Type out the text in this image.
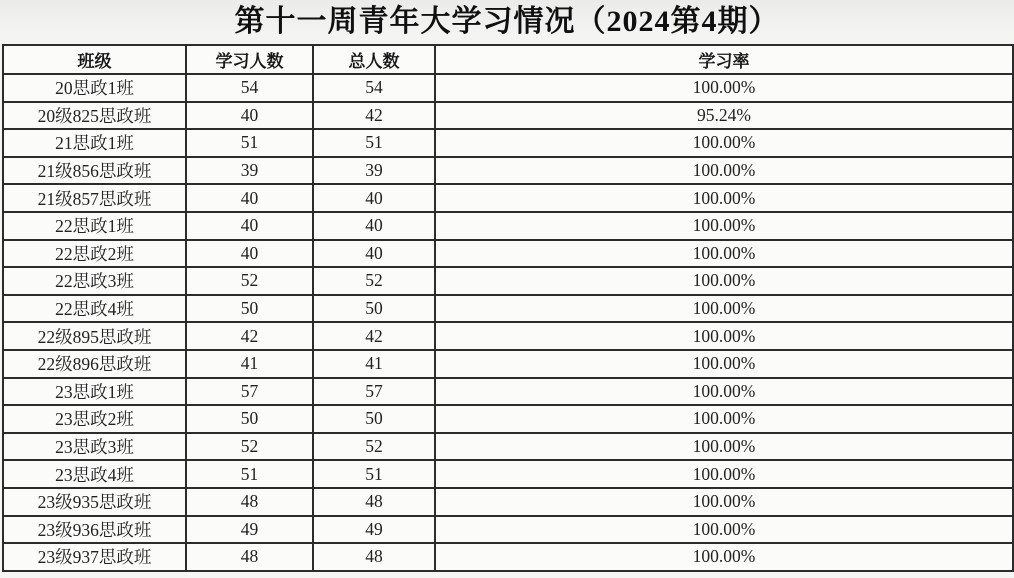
第十一周青年大学习情况（2024第4期）
班级	学习人数	总人数	学习率
20思政1班	54	54	100.00%
20级825思政班	40	42	95.24%
21思政1班	51	51	100.00%
21级856思政班	39	39	100.00%
21级857思政班	40	40	100.00%
22思政1班	40	40	100.00%
22思政2班	40	40	100.00%
22思政3班	52	52	100.00%
22思政4班	50	50	100.00%
22级895思政班	42	42	100.00%
22级896思政班	41	41	100.00%
23思政1班	57	57	100.00%
23思政2班	50	50	100.00%
23思政3班	52	52	100.00%
23思政4班	51	51	100.00%
23级935思政班	48	48	100.00%
23级936思政班	49	49	100.00%
23级937思政班	48	48	100.00%
